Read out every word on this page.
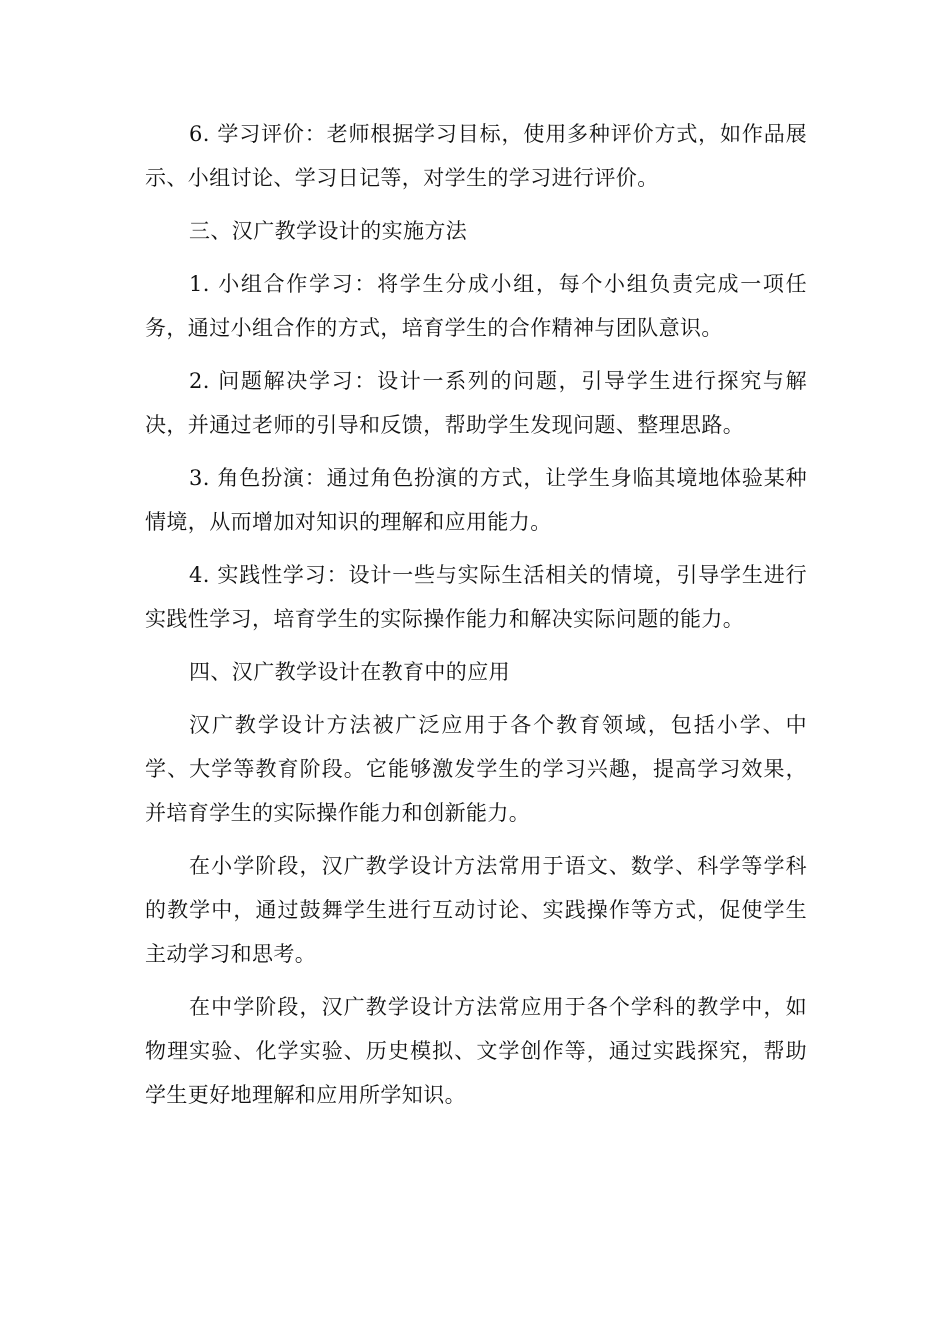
6. 学习评价：老师根据学习目标，使用多种评价方式，如作品展示、小组讨论、学习日记等，对学生的学习进行评价。

三、汉广教学设计的实施方法

1. 小组合作学习：将学生分成小组，每个小组负责完成一项任务，通过小组合作的方式，培育学生的合作精神与团队意识。

2. 问题解决学习：设计一系列的问题，引导学生进行探究与解决，并通过老师的引导和反馈，帮助学生发现问题、整理思路。

3. 角色扮演：通过角色扮演的方式，让学生身临其境地体验某种情境，从而增加对知识的理解和应用能力。

4. 实践性学习：设计一些与实际生活相关的情境，引导学生进行实践性学习，培育学生的实际操作能力和解决实际问题的能力。

四、汉广教学设计在教育中的应用

汉广教学设计方法被广泛应用于各个教育领域，包括小学、中学、大学等教育阶段。它能够激发学生的学习兴趣，提高学习效果，并培育学生的实际操作能力和创新能力。

在小学阶段，汉广教学设计方法常用于语文、数学、科学等学科的教学中，通过鼓舞学生进行互动讨论、实践操作等方式，促使学生主动学习和思考。

在中学阶段，汉广教学设计方法常应用于各个学科的教学中，如物理实验、化学实验、历史模拟、文学创作等，通过实践探究，帮助学生更好地理解和应用所学知识。
